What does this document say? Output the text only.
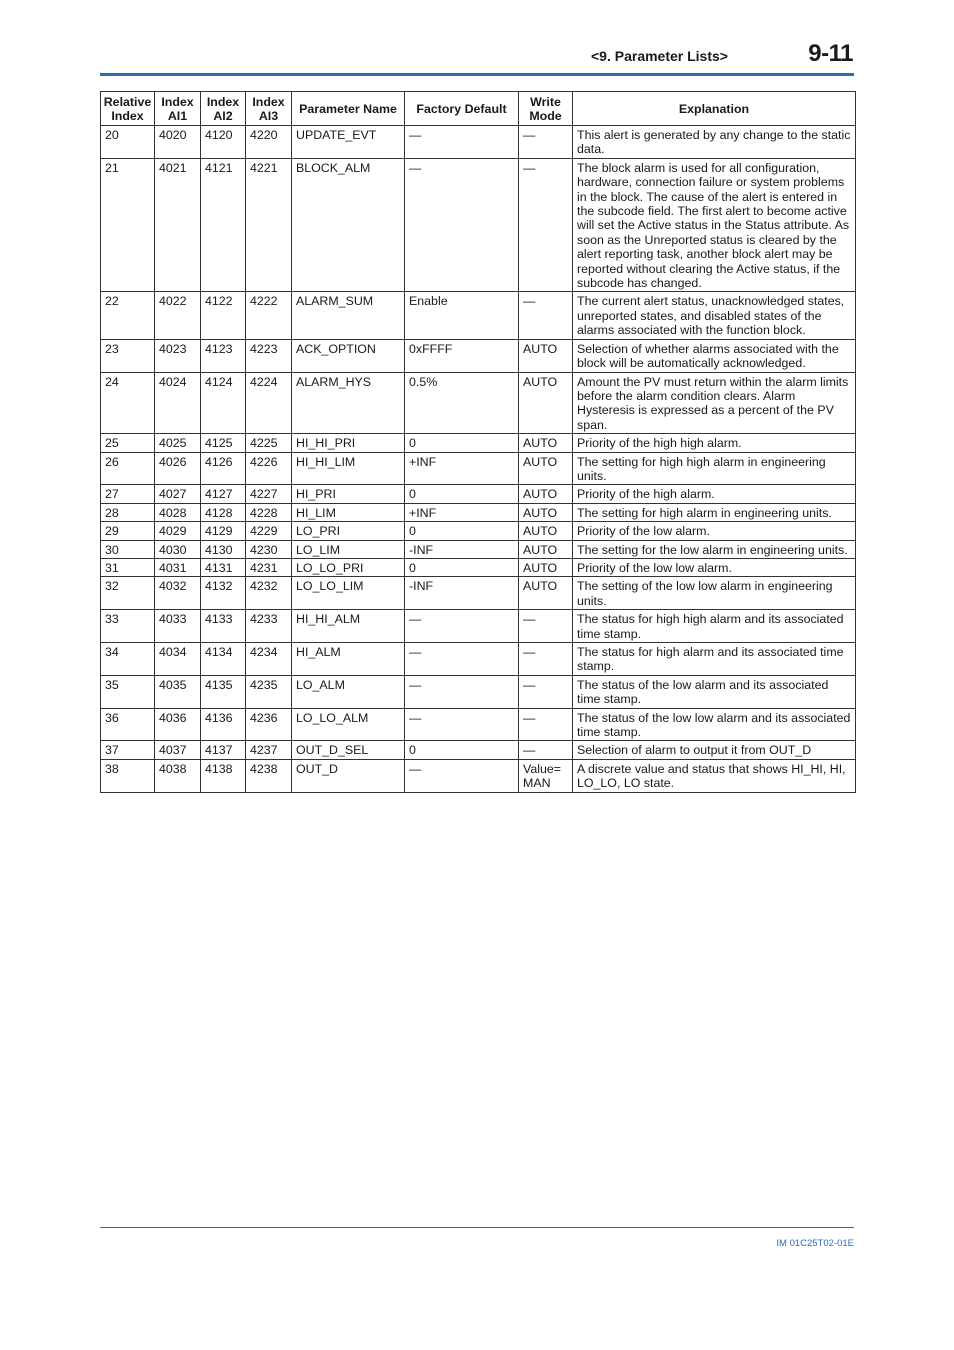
<9. Parameter Lists>	9-11
Relative Index	Index AI1	Index AI2	Index AI3	Parameter Name	Factory Default	Write Mode	Explanation
20	4020	4120	4220	UPDATE_EVT	—	—	This alert is generated by any change to the static data.
21	4021	4121	4221	BLOCK_ALM	—	—	The block alarm is used for all configuration, hardware, connection failure or system problems in the block. The cause of the alert is entered in the subcode field. The first alert to become active will set the Active status in the Status attribute. As soon as the Unreported status is cleared by the alert reporting task, another block alert may be reported without clearing the Active status, if the subcode has changed.
22	4022	4122	4222	ALARM_SUM	Enable	—	The current alert status, unacknowledged states, unreported states, and disabled states of the alarms associated with the function block.
23	4023	4123	4223	ACK_OPTION	0xFFFF	AUTO	Selection of whether alarms associated with the block will be automatically acknowledged.
24	4024	4124	4224	ALARM_HYS	0.5%	AUTO	Amount the PV must return within the alarm limits before the alarm condition clears. Alarm Hysteresis is expressed as a percent of the PV span.
25	4025	4125	4225	HI_HI_PRI	0	AUTO	Priority of the high high alarm.
26	4026	4126	4226	HI_HI_LIM	+INF	AUTO	The setting for high high alarm in engineering units.
27	4027	4127	4227	HI_PRI	0	AUTO	Priority of the high alarm.
28	4028	4128	4228	HI_LIM	+INF	AUTO	The setting for high alarm in engineering units.
29	4029	4129	4229	LO_PRI	0	AUTO	Priority of the low alarm.
30	4030	4130	4230	LO_LIM	-INF	AUTO	The setting for the low alarm in engineering units.
31	4031	4131	4231	LO_LO_PRI	0	AUTO	Priority of the low low alarm.
32	4032	4132	4232	LO_LO_LIM	-INF	AUTO	The setting of the low low alarm in engineering units.
33	4033	4133	4233	HI_HI_ALM	—	—	The status for high high alarm and its associated time stamp.
34	4034	4134	4234	HI_ALM	—	—	The status for high alarm and its associated time stamp.
35	4035	4135	4235	LO_ALM	—	—	The status of the low alarm and its associated time stamp.
36	4036	4136	4236	LO_LO_ALM	—	—	The status of the low low alarm and its associated time stamp.
37	4037	4137	4237	OUT_D_SEL	0	—	Selection of alarm to output it from OUT_D
38	4038	4138	4238	OUT_D	—	Value= MAN	A discrete value and status that shows HI_HI, HI, LO_LO, LO state.
IM 01C25T02-01E
